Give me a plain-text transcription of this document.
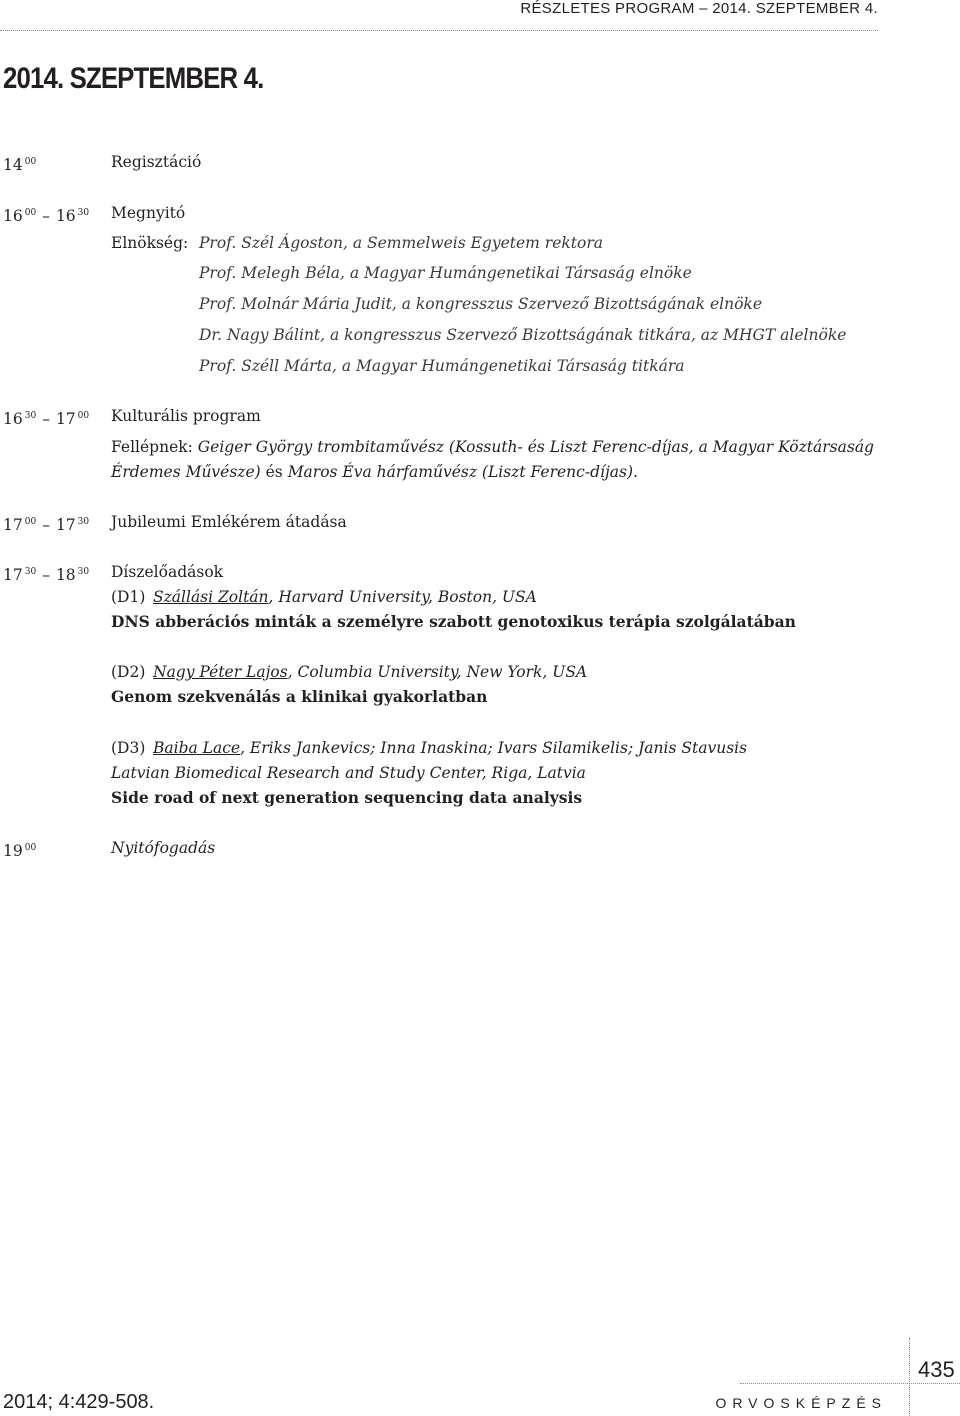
RÉSZLETES PROGRAM – 2014. SZEPTEMBER 4.
2014. SZEPTEMBER 4.
14 $^{00}$	Regisztáció
16 $^{00}$ – 16 $^{30}$ Megnyitó
Elnökség: Prof. Szél Ágoston, a Semmelweis Egyetem rektora
Prof. Melegh Béla, a Magyar Humángenetikai Társaság elnöke
Prof. Molnár Mária Judit, a kongresszus Szervező Bizottságának elnöke
Dr. Nagy Bálint, a kongresszus Szervező Bizottságának titkára, az MHGT alelnöke
Prof. Széll Márta, a Magyar Humángenetikai Társaság titkára
16 $^{30}$ – 17 $^{00}$ Kulturális program
Fellépnek: Geiger György trombitaművész (Kossuth- és Liszt Ferenc-díjas, a Magyar Köztársaság
Érdemes Művésze) és Maros Éva hárfaművész (Liszt Ferenc-díjas).
17 $^{00}$ – 17 $^{30}$ Jubileumi Emlékérem átadása
17 $^{30}$ – 18 $^{30}$ Díszelőadások
(D1) Szállási Zoltán, Harvard University, Boston, USA
DNS abberációs minták a személyre szabott genotoxikus terápia szolgálatában
(D2) Nagy Péter Lajos, Columbia University, New York, USA
Genom szekvenálás a klinikai gyakorlatban
(D3) Baiba Lace, Eriks Jankevics; Inna Inaskina; Ivars Silamikelis; Janis Stavusis
Latvian Biomedical Research and Study Center, Riga, Latvia
Side road of next generation sequencing data analysis
19 $^{00}$	Nyitófogadás
435
ORVOSKÉPZÉS
2014; 4:429-508.
